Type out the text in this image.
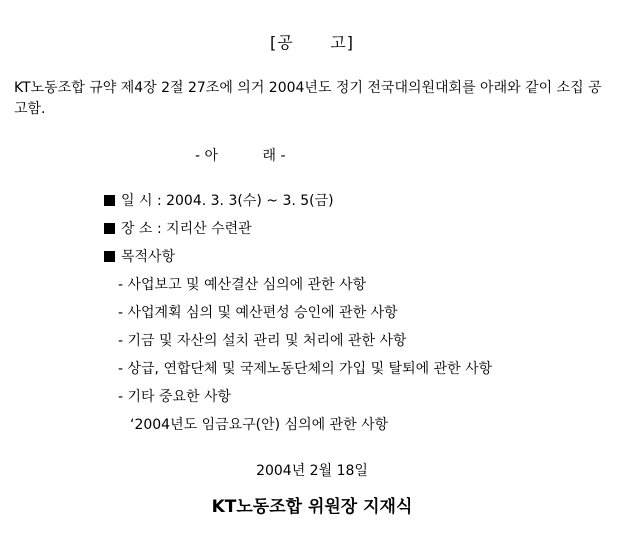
[공      고]
KT노동조합 규약 제4장 2절 27조에 의거 2004년도 정기 전국대의원대회를 아래와 같이 소집 공고함.
- 아          래 -
일 시 : 2004. 3. 3(수) ~ 3. 5(금)
장 소 : 지리산 수련관
목적사항
- 사업보고 및 예산결산 심의에 관한 사항
- 사업계획 심의 및 예산편성 승인에 관한 사항
- 기금 및 자산의 설치 관리 및 처리에 관한 사항
- 상급, 연합단체 및 국제노동단체의 가입 및 탈퇴에 관한 사항
- 기타 중요한 사항
‘2004년도 임금요구(안) 심의에 관한 사항
2004년 2월 18일
KT노동조합 위원장 지재식
